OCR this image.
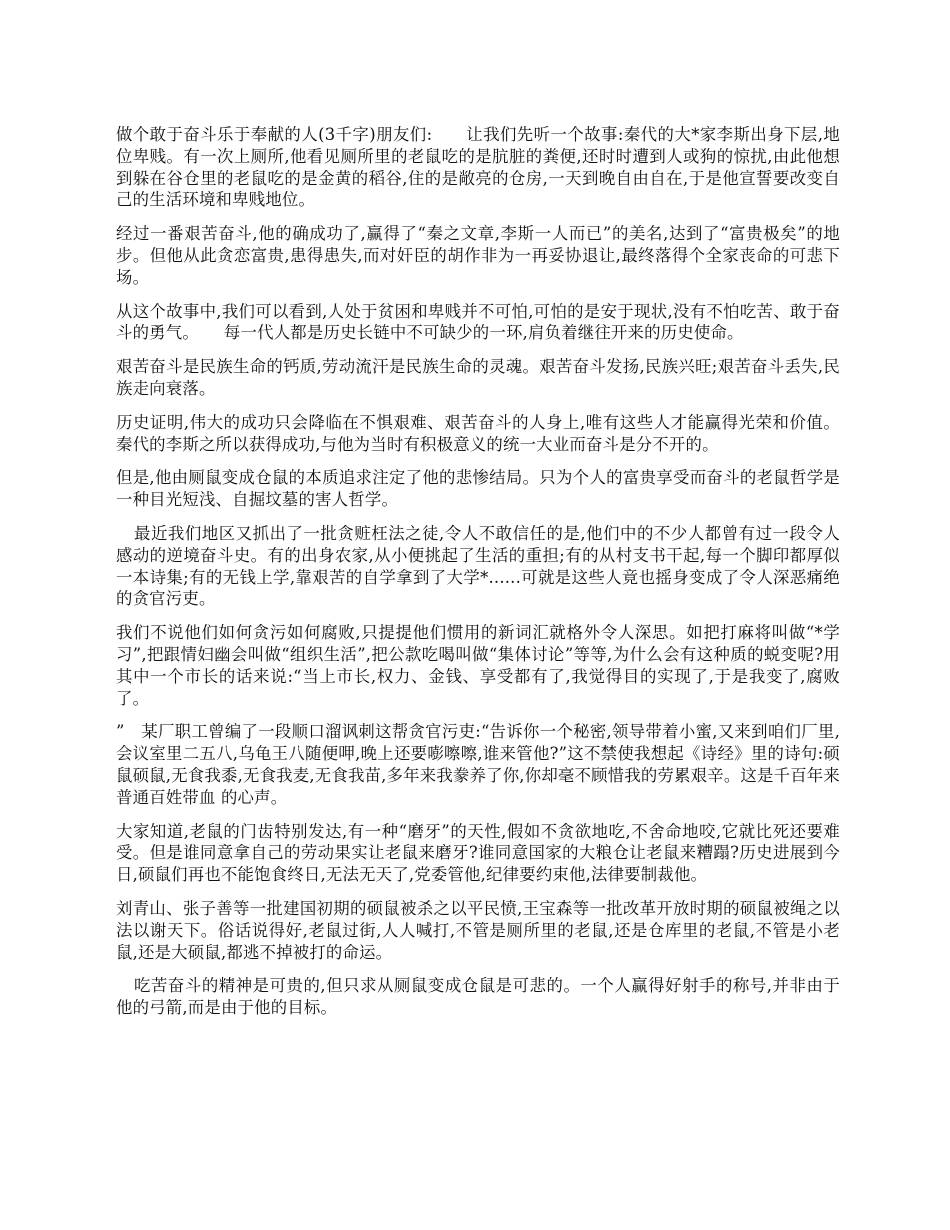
做个敢于奋斗乐于奉献的人(3千字)朋友们:　　让我们先听一个故事:秦代的大*家李斯出身下层,地位卑贱。有一次上厕所,他看见厕所里的老鼠吃的是肮脏的粪便,还时时遭到人或狗的惊扰,由此他想到躲在谷仓里的老鼠吃的是金黄的稻谷,住的是敞亮的仓房,一天到晚自由自在,于是他宣誓要改变自己的生活环境和卑贱地位。

经过一番艰苦奋斗,他的确成功了,赢得了“秦之文章,李斯一人而已”的美名,达到了“富贵极矣”的地步。但他从此贪恋富贵,患得患失,而对奸臣的胡作非为一再妥协退让,最终落得个全家丧命的可悲下场。

从这个故事中,我们可以看到,人处于贫困和卑贱并不可怕,可怕的是安于现状,没有不怕吃苦、敢于奋斗的勇气。　　每一代人都是历史长链中不可缺少的一环,肩负着继往开来的历史使命。

艰苦奋斗是民族生命的钙质,劳动流汗是民族生命的灵魂。艰苦奋斗发扬,民族兴旺;艰苦奋斗丢失,民族走向衰落。

历史证明,伟大的成功只会降临在不惧艰难、艰苦奋斗的人身上,唯有这些人才能赢得光荣和价值。秦代的李斯之所以获得成功,与他为当时有积极意义的统一大业而奋斗是分不开的。

但是,他由厕鼠变成仓鼠的本质追求注定了他的悲惨结局。只为个人的富贵享受而奋斗的老鼠哲学是一种目光短浅、自掘坟墓的害人哲学。

最近我们地区又抓出了一批贪赃枉法之徒,令人不敢信任的是,他们中的不少人都曾有过一段令人感动的逆境奋斗史。有的出身农家,从小便挑起了生活的重担;有的从村支书干起,每一个脚印都厚似一本诗集;有的无钱上学,靠艰苦的自学拿到了大学*......可就是这些人竟也摇身变成了令人深恶痛绝的贪官污吏。

我们不说他们如何贪污如何腐败,只提提他们惯用的新词汇就格外令人深思。如把打麻将叫做“*学习”,把跟情妇幽会叫做“组织生活”,把公款吃喝叫做“集体讨论”等等,为什么会有这种质的蜕变呢?用其中一个市长的话来说:“当上市长,权力、金钱、享受都有了,我觉得目的实现了,于是我变了,腐败了。

”　某厂职工曾编了一段顺口溜讽刺这帮贪官污吏:“告诉你一个秘密,领导带着小蜜,又来到咱们厂里,会议室里二五八,乌龟王八随便呷,晚上还要嘭嚓嚓,谁来管他?”这不禁使我想起《诗经》里的诗句:硕鼠硕鼠,无食我黍,无食我麦,无食我苗,多年来我豢养了你,你却毫不顾惜我的劳累艰辛。这是千百年来普通百姓带血 的心声。

大家知道,老鼠的门齿特别发达,有一种“磨牙”的天性,假如不贪欲地吃,不舍命地咬,它就比死还要难受。但是谁同意拿自己的劳动果实让老鼠来磨牙?谁同意国家的大粮仓让老鼠来糟蹋?历史进展到今日,硕鼠们再也不能饱食终日,无法无天了,党委管他,纪律要约束他,法律要制裁他。

刘青山、张子善等一批建国初期的硕鼠被杀之以平民愤,王宝森等一批改革开放时期的硕鼠被绳之以法以谢天下。俗话说得好,老鼠过街,人人喊打,不管是厕所里的老鼠,还是仓库里的老鼠,不管是小老鼠,还是大硕鼠,都逃不掉被打的命运。

吃苦奋斗的精神是可贵的,但只求从厕鼠变成仓鼠是可悲的。一个人赢得好射手的称号,并非由于他的弓箭,而是由于他的目标。
